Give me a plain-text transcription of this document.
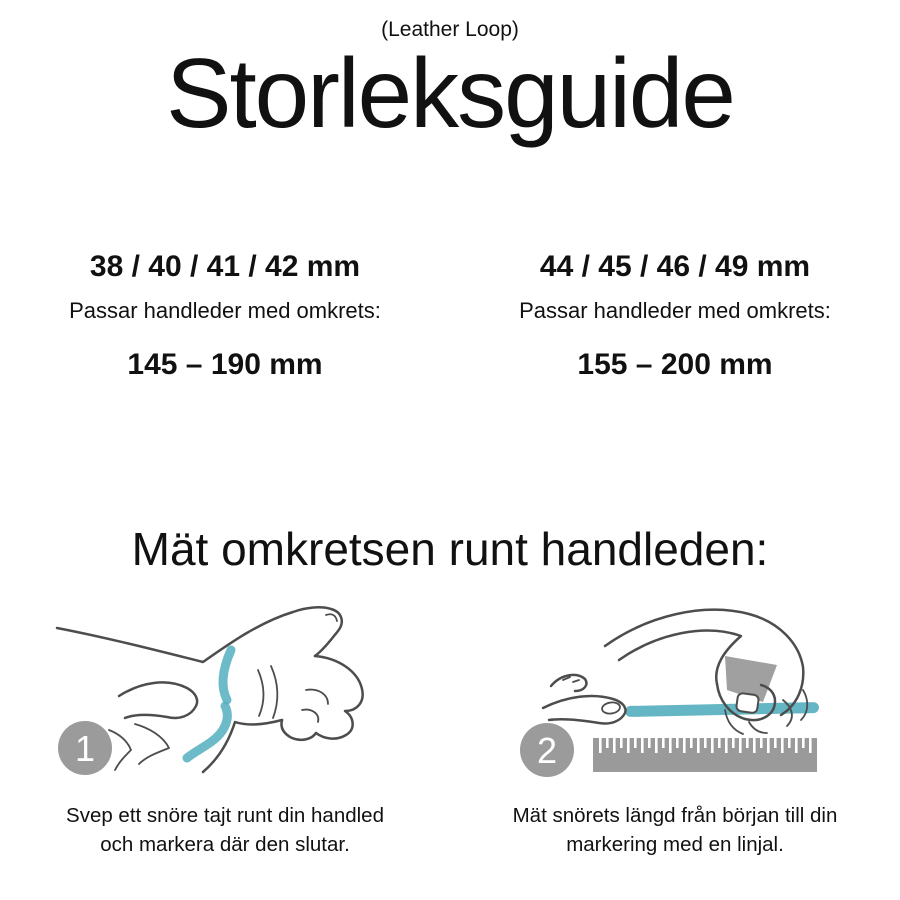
(Leather Loop)
Storleksguide
38 / 40 / 41 / 42 mm
Passar handleder med omkrets:
145 – 190 mm
44 / 45 / 46 / 49 mm
Passar handleder med omkrets:
155 – 200 mm
Mät omkretsen runt handleden:
1
Svep ett snöre tajt runt din handled
och markera där den slutar.
2
Mät snörets längd från början till din
markering med en linjal.
